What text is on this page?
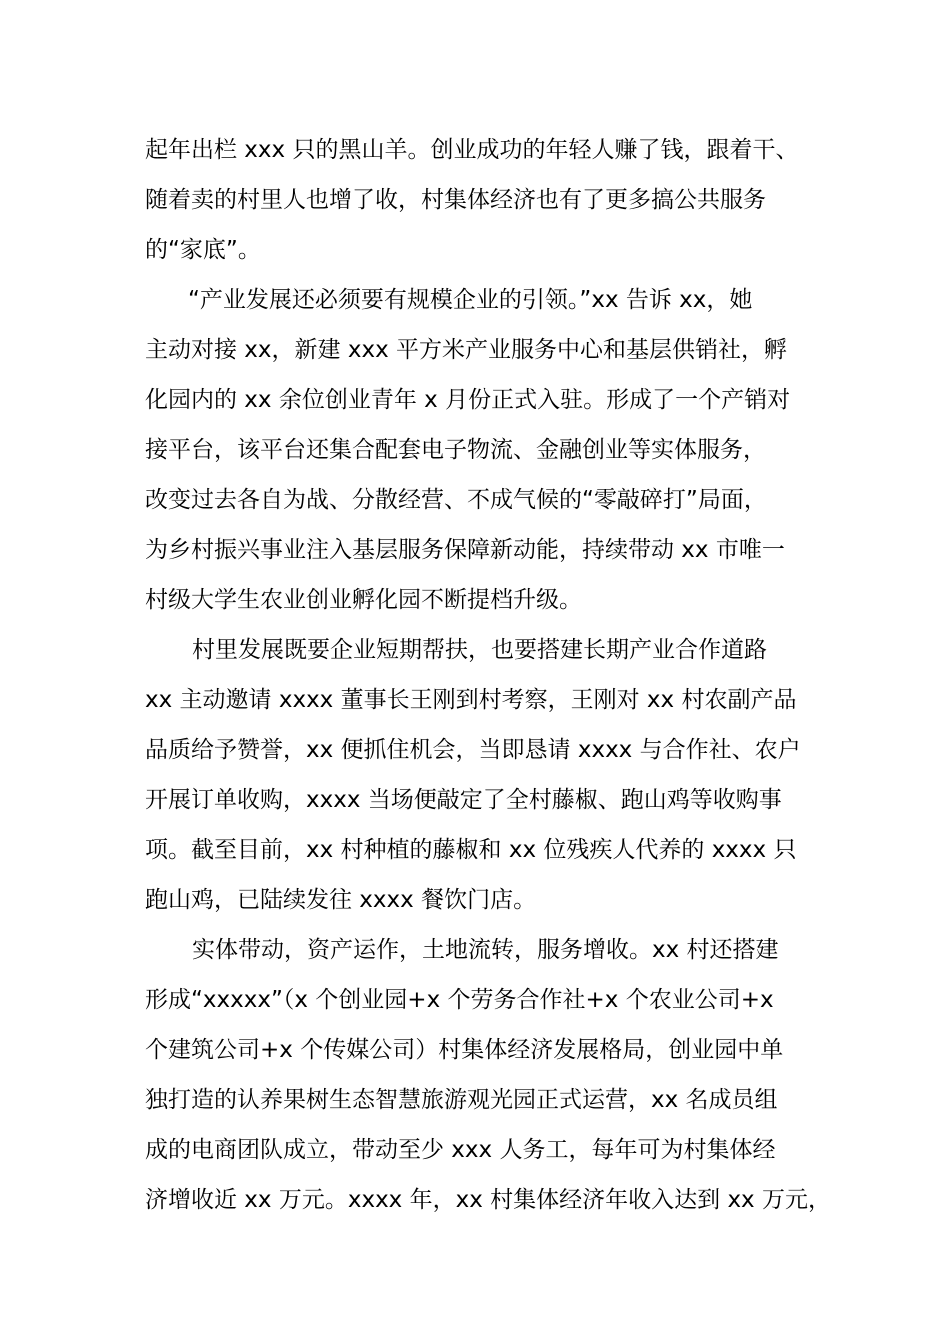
起年出栏 xxx 只的黑山羊。创业成功的年轻人赚了钱，跟着干、
随着卖的村里人也增了收，村集体经济也有了更多搞公共服务
的“家底”。
“产业发展还必须要有规模企业的引领。”xx 告诉 xx，她
主动对接 xx，新建 xxx 平方米产业服务中心和基层供销社，孵
化园内的 xx 余位创业青年 x 月份正式入驻。形成了一个产销对
接平台，该平台还集合配套电子物流、金融创业等实体服务，
改变过去各自为战、分散经营、不成气候的“零敲碎打”局面，
为乡村振兴事业注入基层服务保障新动能，持续带动 xx 市唯一
村级大学生农业创业孵化园不断提档升级。
村里发展既要企业短期帮扶，也要搭建长期产业合作道路
xx 主动邀请 xxxx 董事长王刚到村考察，王刚对 xx 村农副产品
品质给予赞誉，xx 便抓住机会，当即恳请 xxxx 与合作社、农户
开展订单收购，xxxx 当场便敲定了全村藤椒、跑山鸡等收购事
项。截至目前，xx 村种植的藤椒和 xx 位残疾人代养的 xxxx 只
跑山鸡，已陆续发往 xxxx 餐饮门店。
实体带动，资产运作，土地流转，服务增收。xx 村还搭建
形成“xxxxx”（x 个创业园+x 个劳务合作社+x 个农业公司+x
个建筑公司+x 个传媒公司）村集体经济发展格局，创业园中单
独打造的认养果树生态智慧旅游观光园正式运营，xx 名成员组
成的电商团队成立，带动至少 xxx 人务工，每年可为村集体经
济增收近 xx 万元。xxxx 年，xx 村集体经济年收入达到 xx 万元，
